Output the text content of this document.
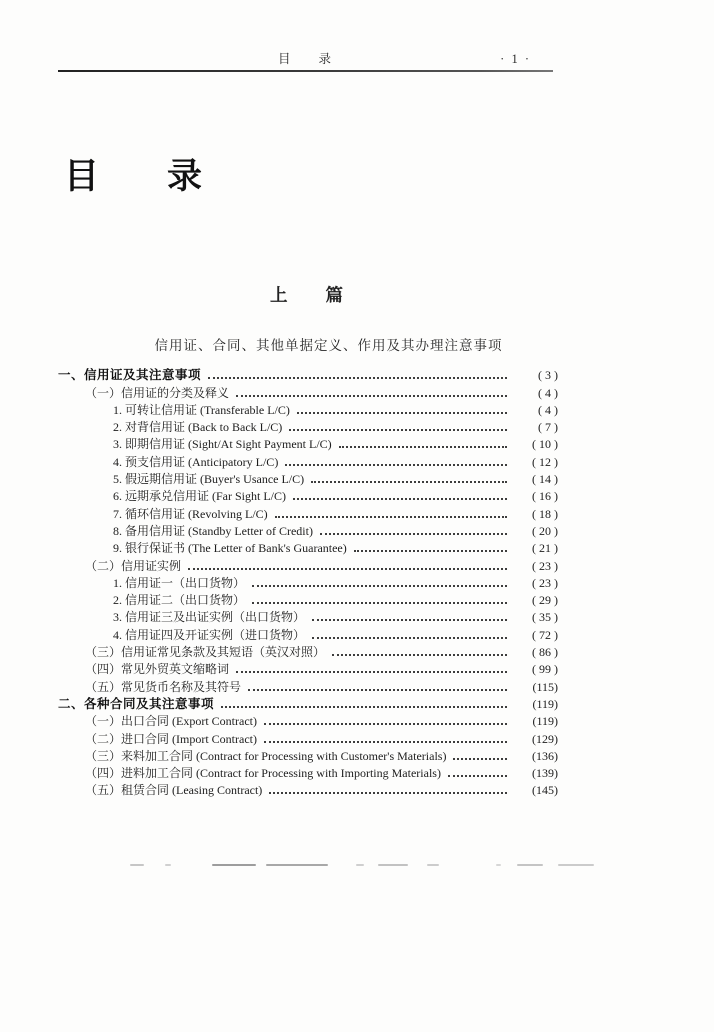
目 录	· 1 ·
目 录
上 篇
信用证、合同、其他单据定义、作用及其办理注意事项
一、信用证及其注意事项	( 3 )
（一）信用证的分类及释义	( 4 )
1. 可转让信用证 (Transferable L/C)	( 4 )
2. 对背信用证 (Back to Back L/C)	( 7 )
3. 即期信用证 (Sight/At Sight Payment L/C)	( 10 )
4. 预支信用证 (Anticipatory L/C)	( 12 )
5. 假远期信用证 (Buyer's Usance L/C)	( 14 )
6. 远期承兑信用证 (Far Sight L/C)	( 16 )
7. 循环信用证 (Revolving L/C)	( 18 )
8. 备用信用证 (Standby Letter of Credit)	( 20 )
9. 银行保证书 (The Letter of Bank's Guarantee)	( 21 )
（二）信用证实例	( 23 )
1. 信用证一（出口货物）	( 23 )
2. 信用证二（出口货物）	( 29 )
3. 信用证三及出证实例（出口货物）	( 35 )
4. 信用证四及开证实例（进口货物）	( 72 )
（三）信用证常见条款及其短语（英汉对照）	( 86 )
（四）常见外贸英文缩略词	( 99 )
（五）常见货币名称及其符号	(115)
二、各种合同及其注意事项	(119)
（一）出口合同 (Export Contract)	(119)
（二）进口合同 (Import Contract)	(129)
（三）来料加工合同 (Contract for Processing with Customer's Materials)	(136)
（四）进料加工合同 (Contract for Processing with Importing Materials)	(139)
（五）租赁合同 (Leasing Contract)	(145)
